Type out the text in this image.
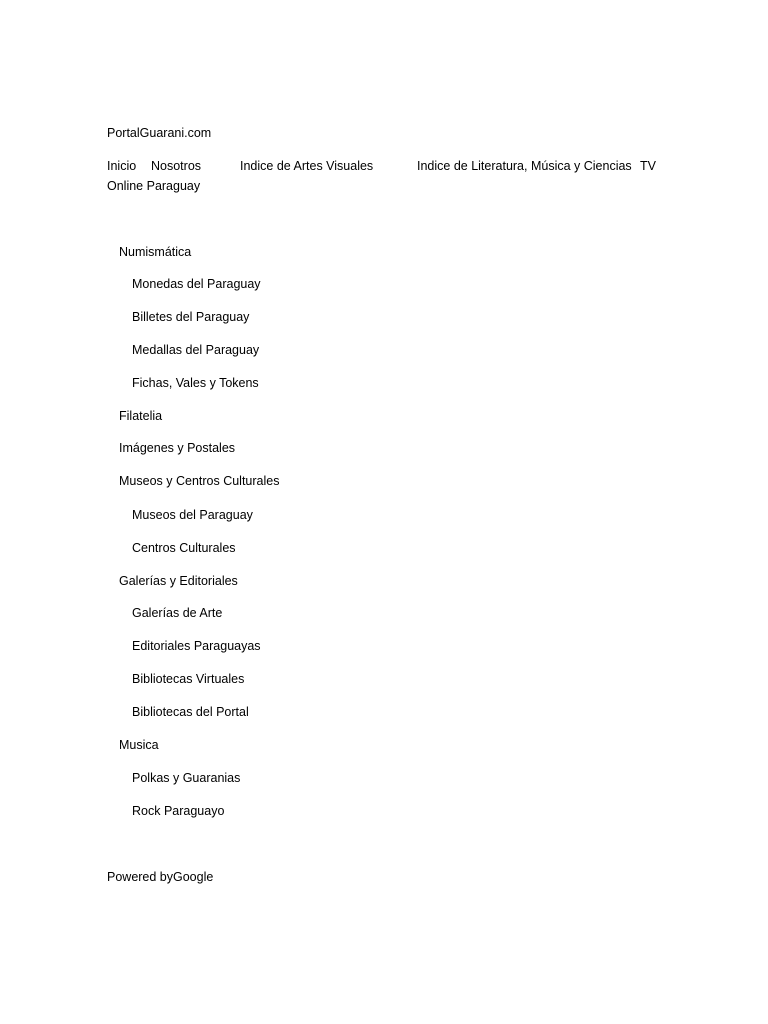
PortalGuarani.com
Inicio Nosotros	Indice de Artes Visuales	Indice de Literatura, Música y Ciencias TV
Online Paraguay
Numismática
Monedas del Paraguay
Billetes del Paraguay
Medallas del Paraguay
Fichas, Vales y Tokens
Filatelia
Imágenes y Postales
Museos y Centros Culturales
Museos del Paraguay
Centros Culturales
Galerías y Editoriales
Galerías de Arte
Editoriales Paraguayas
Bibliotecas Virtuales
Bibliotecas del Portal
Musica
Polkas y Guaranias
Rock Paraguayo
Powered byGoogle
